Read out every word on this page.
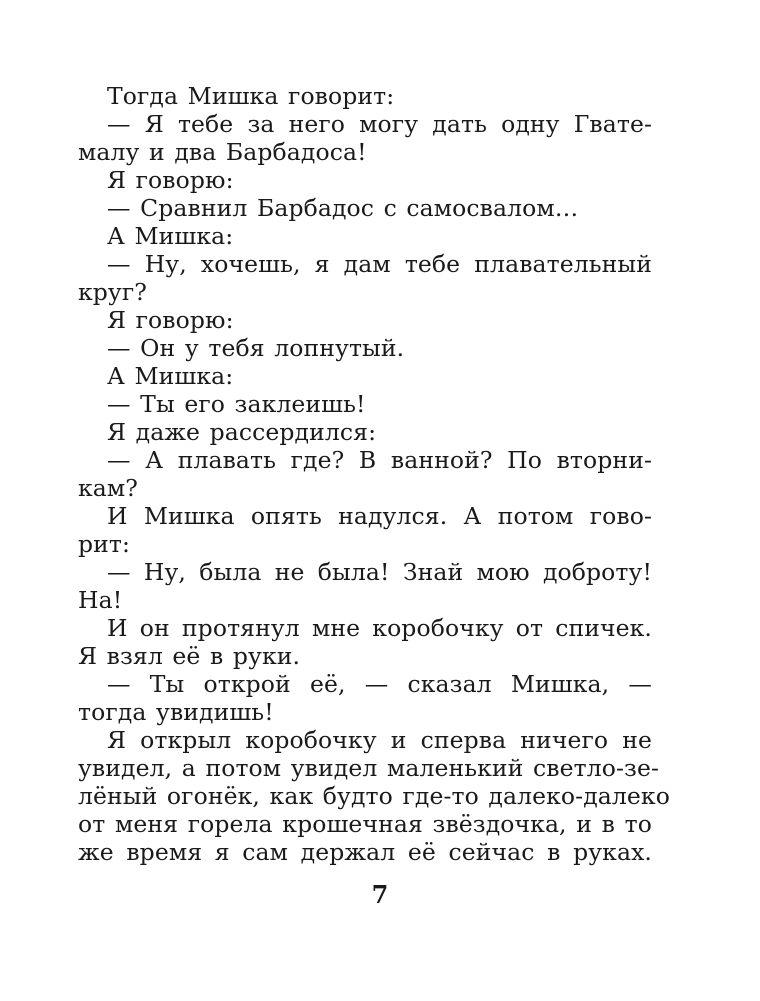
Тогда Мишка говорит:
— Я тебе за него могу дать одну Гвате-
малу и два Барбадоса!
Я говорю:
— Сравнил Барбадос с самосвалом…
А Мишка:
— Ну, хочешь, я дам тебе плавательный
круг?
Я говорю:
— Он у тебя лопнутый.
А Мишка:
— Ты его заклеишь!
Я даже рассердился:
— А плавать где? В ванной? По вторни-
кам?
И Мишка опять надулся. А потом гово-
рит:
— Ну, была не была! Знай мою доброту!
На!
И он протянул мне коробочку от спичек.
Я взял её в руки.
— Ты открой её, — сказал Мишка, —
тогда увидишь!
Я открыл коробочку и сперва ничего не
увидел, а потом увидел маленький светло-зе-
лёный огонёк, как будто где-то далеко-далеко
от меня горела крошечная звёздочка, и в то
же время я сам держал её сейчас в руках.
7
